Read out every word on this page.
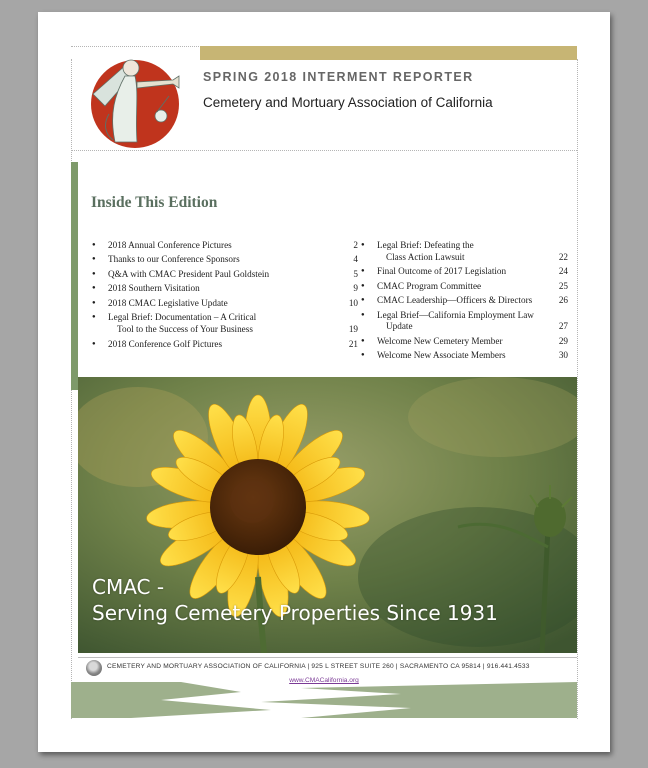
SPRING 2018 INTERMENT REPORTER
Cemetery and Mortuary Association of California
Inside This Edition
● 2018 Annual Conference Pictures	2
● Thanks to our Conference Sponsors	4
● Q&A with CMAC President Paul Goldstein	5
● 2018 Southern Visitation	9
● 2018 CMAC Legislative Update	10
● Legal Brief: Documentation – A Critical
Tool to the Success of Your Business	19
● 2018 Conference Golf Pictures	21
● Legal Brief: Defeating the
Class Action Lawsuit	22
● Final Outcome of 2017 Legislation	24
● CMAC Program Committee	25
● CMAC Leadership—Officers & Directors	26
● Legal Brief—California Employment Law
Update	27
● Welcome New Cemetery Member	29
● Welcome New Associate Members	30
CMAC -
Serving Cemetery Properties Since 1931
CEMETERY AND MORTUARY ASSOCIATION OF CALIFORNIA | 925 L STREET SUITE 260 | SACRAMENTO CA 95814 | 916.441.4533
www.CMACalifornia.org
